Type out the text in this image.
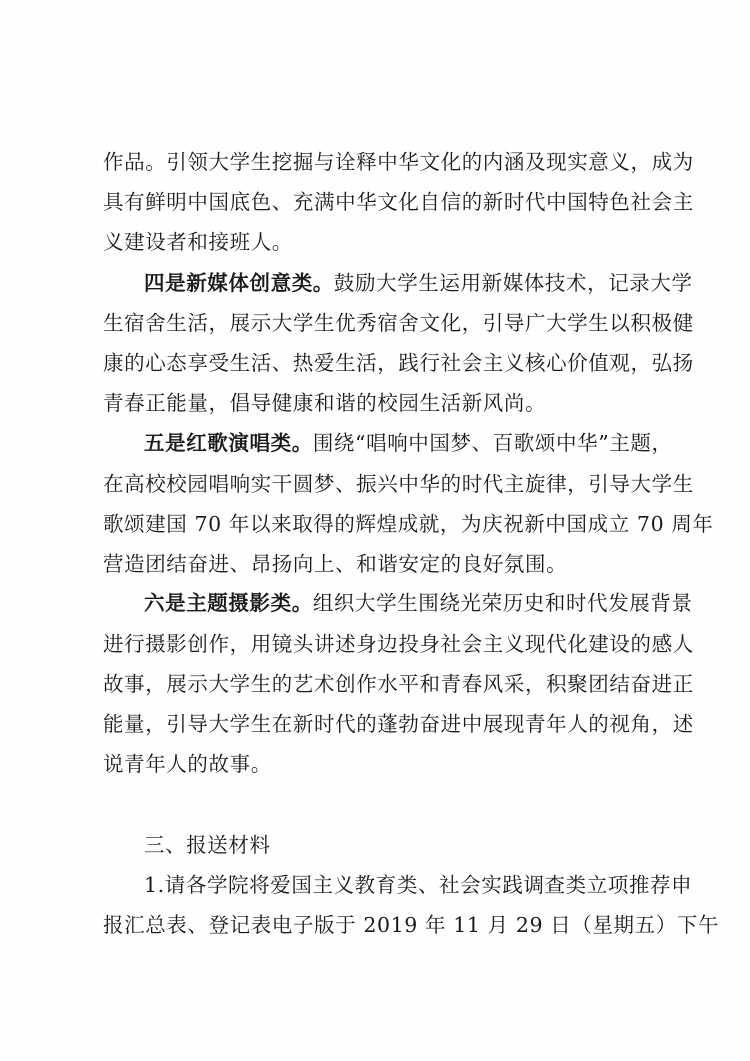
作品。引领大学生挖掘与诠释中华文化的内涵及现实意义，成为
具有鲜明中国底色、充满中华文化自信的新时代中国特色社会主
义建设者和接班人。
四是新媒体创意类。鼓励大学生运用新媒体技术，记录大学
生宿舍生活，展示大学生优秀宿舍文化，引导广大学生以积极健
康的心态享受生活、热爱生活，践行社会主义核心价值观，弘扬
青春正能量，倡导健康和谐的校园生活新风尚。
五是红歌演唱类。围绕“唱响中国梦、百歌颂中华”主题，
在高校校园唱响实干圆梦、振兴中华的时代主旋律，引导大学生
歌颂建国 70 年以来取得的辉煌成就，为庆祝新中国成立 70 周年
营造团结奋进、昂扬向上、和谐安定的良好氛围。
六是主题摄影类。组织大学生围绕光荣历史和时代发展背景
进行摄影创作，用镜头讲述身边投身社会主义现代化建设的感人
故事，展示大学生的艺术创作水平和青春风采，积聚团结奋进正
能量，引导大学生在新时代的蓬勃奋进中展现青年人的视角，述
说青年人的故事。
三、报送材料
1.请各学院将爱国主义教育类、社会实践调查类立项推荐申
报汇总表、登记表电子版于 2019 年 11 月 29 日（星期五）下午
